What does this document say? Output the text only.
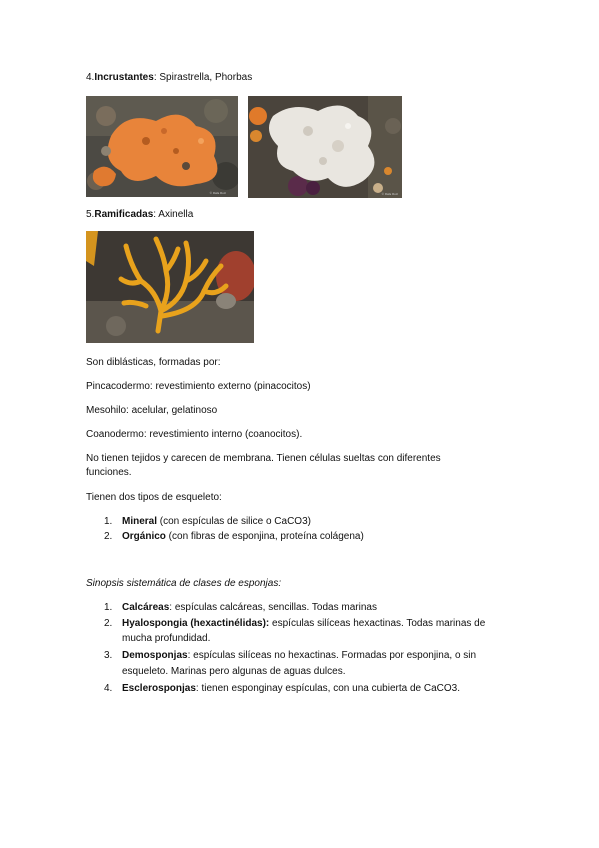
4.Incrustantes: Spirastrella, Phorbas
© Rafa Ruiz	© Rafa Ruiz
5.Ramificadas: Axinella
Son diblásticas, formadas por:
Pincacodermo: revestimiento externo (pinacocitos)
Mesohilo: acelular, gelatinoso
Coanodermo: revestimiento interno (coanocitos).
No tienen tejidos y carecen de membrana. Tienen células sueltas con diferentes
funciones.
Tienen dos tipos de esqueleto:
1. Mineral (con espículas de silice o CaCO3)
2. Orgánico (con fibras de esponjina, proteína colágena)
Sinopsis sistemática de clases de esponjas:
1. Calcáreas: espículas calcáreas, sencillas. Todas marinas
2. Hyalospongia (hexactinélidas): espículas silíceas hexactinas. Todas marinas de
mucha profundidad.
3. Demosponjas: espículas silíceas no hexactinas. Formadas por esponjina, o sin
esqueleto. Marinas pero algunas de aguas dulces.
4. Esclerosponjas: tienen esponginay espículas, con una cubierta de CaCO3.
